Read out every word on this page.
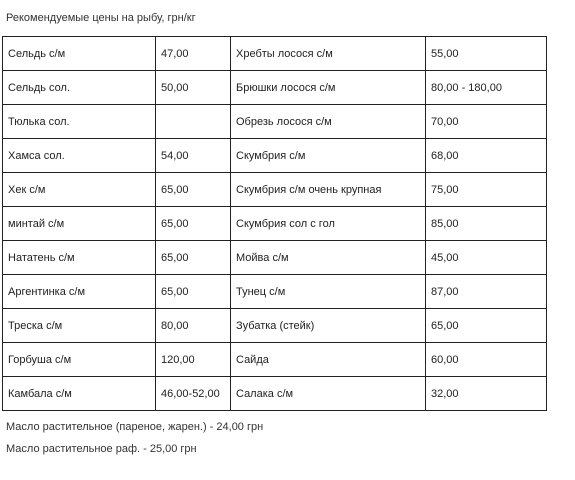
Рекомендуемые цены на рыбу, грн/кг
Сельдь с/м	47,00	Хребты лосося с/м	55,00
Сельдь сол.	50,00	Брюшки лосося с/м	80,00 - 180,00
Тюлька сол.		Обрезь лосося с/м	70,00
Хамса сол.	54,00	Скумбрия с/м	68,00
Хек с/м	65,00	Скумбрия с/м очень крупная	75,00
минтай с/м	65,00	Скумбрия сол с гол	85,00
Нататень с/м	65,00	Мойва с/м	45,00
Аргентинка с/м	65,00	Тунец с/м	87,00
Треска с/м	80,00	Зубатка (стейк)	65,00
Горбуша с/м	120,00	Сайда	60,00
Камбала с/м	46,00-52,00	Салака с/м	32,00
Масло растительное (пареное, жарен.) - 24,00 грн
Масло растительное раф. - 25,00 грн
